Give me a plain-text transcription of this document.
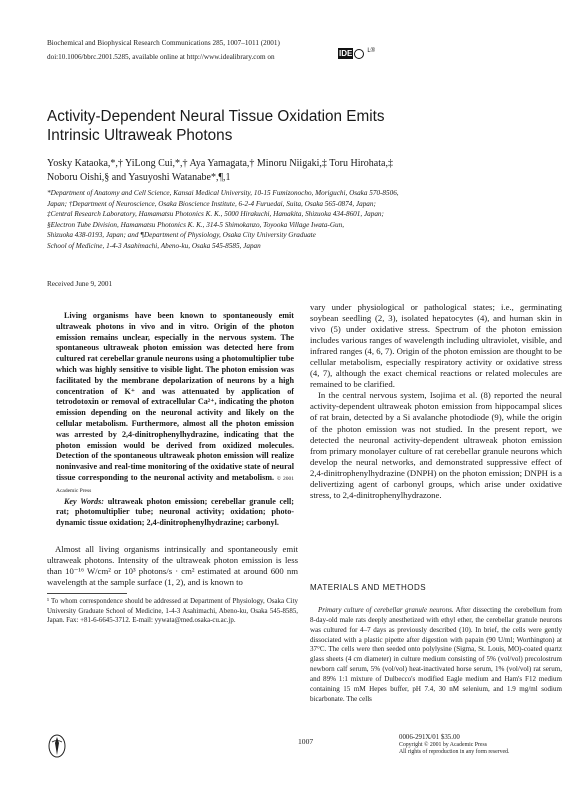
Biochemical and Biophysical Research Communications 285, 1007–1011 (2001)
doi:10.1006/bbrc.2001.5285, available online at http://www.idealibrary.com on	IDE	L®
Activity-Dependent Neural Tissue Oxidation Emits
Intrinsic Ultraweak Photons
Yosky Kataoka,*,† YiLong Cui,*,† Aya Yamagata,† Minoru Niigaki,‡ Toru Hirohata,‡
Noboru Oishi,§ and Yasuyoshi Watanabe*,¶,1
*Department of Anatomy and Cell Science, Kansai Medical University, 10-15 Fumizonocho, Moriguchi, Osaka 570-8506,
Japan; †Department of Neuroscience, Osaka Bioscience Institute, 6-2-4 Furuedai, Suita, Osaka 565-0874, Japan;
‡Central Research Laboratory, Hamamatsu Photonics K. K., 5000 Hirakuchi, Hamakita, Shizuoka 434-8601, Japan;
§Electron Tube Division, Hamamatsu Photonics K. K., 314-5 Shimokanzo, Toyooka Village Iwata-Gun,
Shizuoka 438-0193, Japan; and ¶Department of Physiology, Osaka City University Graduate
School of Medicine, 1-4-3 Asahimachi, Abeno-ku, Osaka 545-8585, Japan
Received June 9, 2001
Living organisms have been known to spontaneously emit ultraweak photons in vivo and in vitro. Origin of the photon emission remains unclear, especially in the nervous system. The spontaneous ultraweak photon emission was detected here from cultured rat cerebellar granule neurons using a photomultiplier tube which was highly sensitive to visible light. The photon emission was facilitated by the membrane depolarization of neurons by a high concentration of K⁺ and was attenuated by application of tetrodotoxin or removal of extracellular Ca²⁺, indicating the photon emission depending on the neuronal activity and likely on the cellular metabolism. Furthermore, almost all the photon emission was arrested by 2,4-dinitrophenylhydrazine, indicating that the photon emission would be derived from oxidized molecules. Detection of the spontaneous ultraweak photon emission will realize noninvasive and real-time monitoring of the oxidative state of neural tissue corresponding to the neuronal activity and metabolism. © 2001 Academic Press
Key Words: ultraweak photon emission; cerebellar granule cell; rat; photomultiplier tube; neuronal activity; oxidation; photo-dynamic tissue oxidation; 2,4-dinitrophenylhydrazine; carbonyl.

Almost all living organisms intrinsically and spontaneously emit ultraweak photons. Intensity of the ultraweak photon emission is less than 10⁻¹⁶ W/cm² or 10³ photons/s · cm² estimated at around 600 nm wavelength at the sample surface (1, 2), and is known to

¹ To whom correspondence should be addressed at Department of Physiology, Osaka City University Graduate School of Medicine, 1-4-3 Asahimachi, Abeno-ku, Osaka 545-8585, Japan. Fax: +81-6-6645-3712. E-mail: yywata@med.osaka-cu.ac.jp.

vary under physiological or pathological states; i.e., germinating soybean seedling (2, 3), isolated hepatocytes (4), and human skin in vivo (5) under oxidative stress. Spectrum of the photon emission includes various ranges of wavelength including ultraviolet, visible, and infrared ranges (4, 6, 7). Origin of the photon emission are thought to be cellular metabolism, especially respiratory activity or oxidative stress (4, 7), although the exact chemical reactions or related molecules are remained to be clarified.

In the central nervous system, Isojima et al. (8) reported the neural activity-dependent ultraweak photon emission from hippocampal slices of rat brain, detected by a Si avalanche photodiode (9), while the origin of the photon emission was not studied. In the present report, we detected the neuronal activity-dependent ultraweak photon emission from primary monolayer culture of rat cerebellar granule neurons which develop the neural networks, and demonstrated suppressive effect of 2,4-dinitrophenylhydrazine (DNPH) on the photon emission; DNPH is a delivertizing agent of carbonyl groups, which arise under oxidative stress, to 2,4-dinitrophenylhydrazone.

MATERIALS AND METHODS

Primary culture of cerebellar granule neurons. After dissecting the cerebellum from 8-day-old male rats deeply anesthetized with ethyl ether, the cerebellar granule neurons was cultured for 4–7 days as previously described (10). In brief, the cells were gently dissociated with a plastic pipette after digestion with papain (90 U/ml; Worthington) at 37°C. The cells were then seeded onto polylysine (Sigma, St. Louis, MO)-coated quartz glass sheets (4 cm diameter) in culture medium consisting of 5% (vol/vol) precolostrum newborn calf serum, 5% (vol/vol) heat-inactivated horse serum, 1% (vol/vol) rat serum, and 89% 1:1 mixture of Dulbecco's modified Eagle medium and Ham's F12 medium containing 15 mM Hepes buffer, pH 7.4, 30 nM selenium, and 1.9 mg/ml sodium bicarbonate. The cells

1007	0006-291X/01 $35.00
Copyright © 2001 by Academic Press
All rights of reproduction in any form reserved.
